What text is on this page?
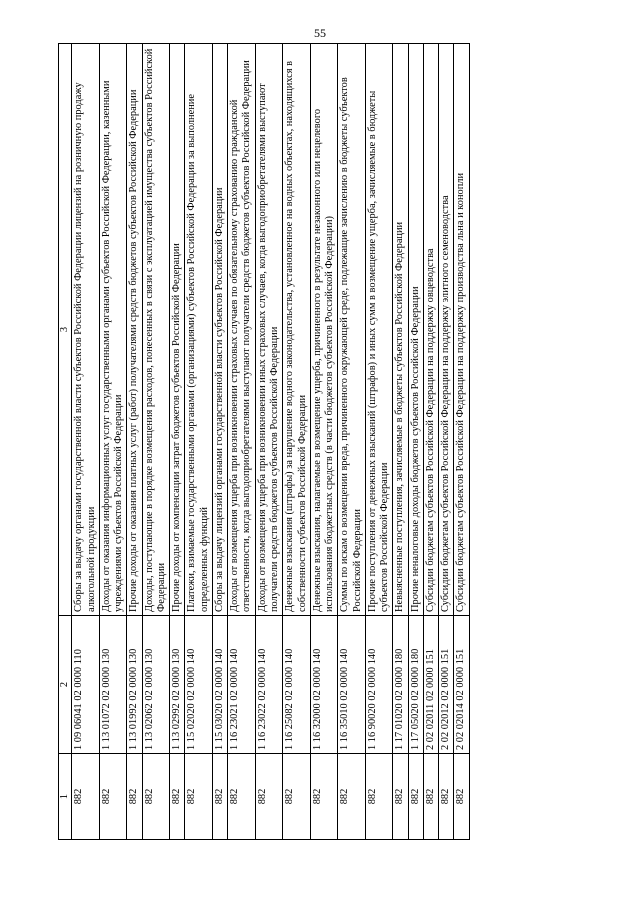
55
1	2	3
882	1 09 06041 02 0000 110	Сборы за выдачу органами государственной власти субъектов Российской Федерации лицензий на розничную продажу алкогольной продукции
882	1 13 01072 02 0000 130	Доходы от оказания информационных услуг государственными органами субъектов Российской Федерации, казенными учреждениями субъектов Российской Федерации
882	1 13 01992 02 0000 130	Прочие доходы от оказания платных услуг (работ) получателями средств бюджетов субъектов Российской Федерации
882	1 13 02062 02 0000 130	Доходы, поступающие в порядке возмещения расходов, понесенных в связи с эксплуатацией имущества субъектов Российской Федерации
882	1 13 02992 02 0000 130	Прочие доходы от компенсации затрат бюджетов субъектов Российской Федерации
882	1 15 02020 02 0000 140	Платежи, взимаемые государственными органами (организациями) субъектов Российской Федерации за выполнение определенных функций
882	1 15 03020 02 0000 140	Сборы за выдачу лицензий органами государственной власти субъектов Российской Федерации
882	1 16 23021 02 0000 140	Доходы от возмещения ущерба при возникновении страховых случаев по обязательному страхованию гражданской ответственности, когда выгодоприобретателями выступают получатели средств бюджетов субъектов Российской Федерации
882	1 16 23022 02 0000 140	Доходы от возмещения ущерба при возникновении иных страховых случаев, когда выгодоприобретателями выступают получатели средств бюджетов субъектов Российской Федерации
882	1 16 25082 02 0000 140	Денежные взыскания (штрафы) за нарушение водного законодательства, установленное на водных объектах, находящихся в собственности субъектов Российской Федерации
882	1 16 32000 02 0000 140	Денежные взыскания, налагаемые в возмещение ущерба, причиненного в результате незаконного или нецелевого использования бюджетных средств (в части бюджетов субъектов Российской Федерации)
882	1 16 35010 02 0000 140	Суммы по искам о возмещении вреда, причиненного окружающей среде, подлежащие зачислению в бюджеты субъектов Российской Федерации
882	1 16 90020 02 0000 140	Прочие поступления от денежных взысканий (штрафов) и иных сумм в возмещение ущерба, зачисляемые в бюджеты субъектов Российской Федерации
882	1 17 01020 02 0000 180	Невыясненные поступления, зачисляемые в бюджеты субъектов Российской Федерации
882	1 17 05020 02 0000 180	Прочие неналоговые доходы бюджетов субъектов Российской Федерации
882	2 02 02011 02 0000 151	Субсидии бюджетам субъектов Российской Федерации на поддержку овцеводства
882	2 02 02012 02 0000 151	Субсидии бюджетам субъектов Российской Федерации на поддержку элитного семеноводства
882	2 02 02014 02 0000 151	Субсидии бюджетам субъектов Российской Федерации на поддержку производства льна и конопли
